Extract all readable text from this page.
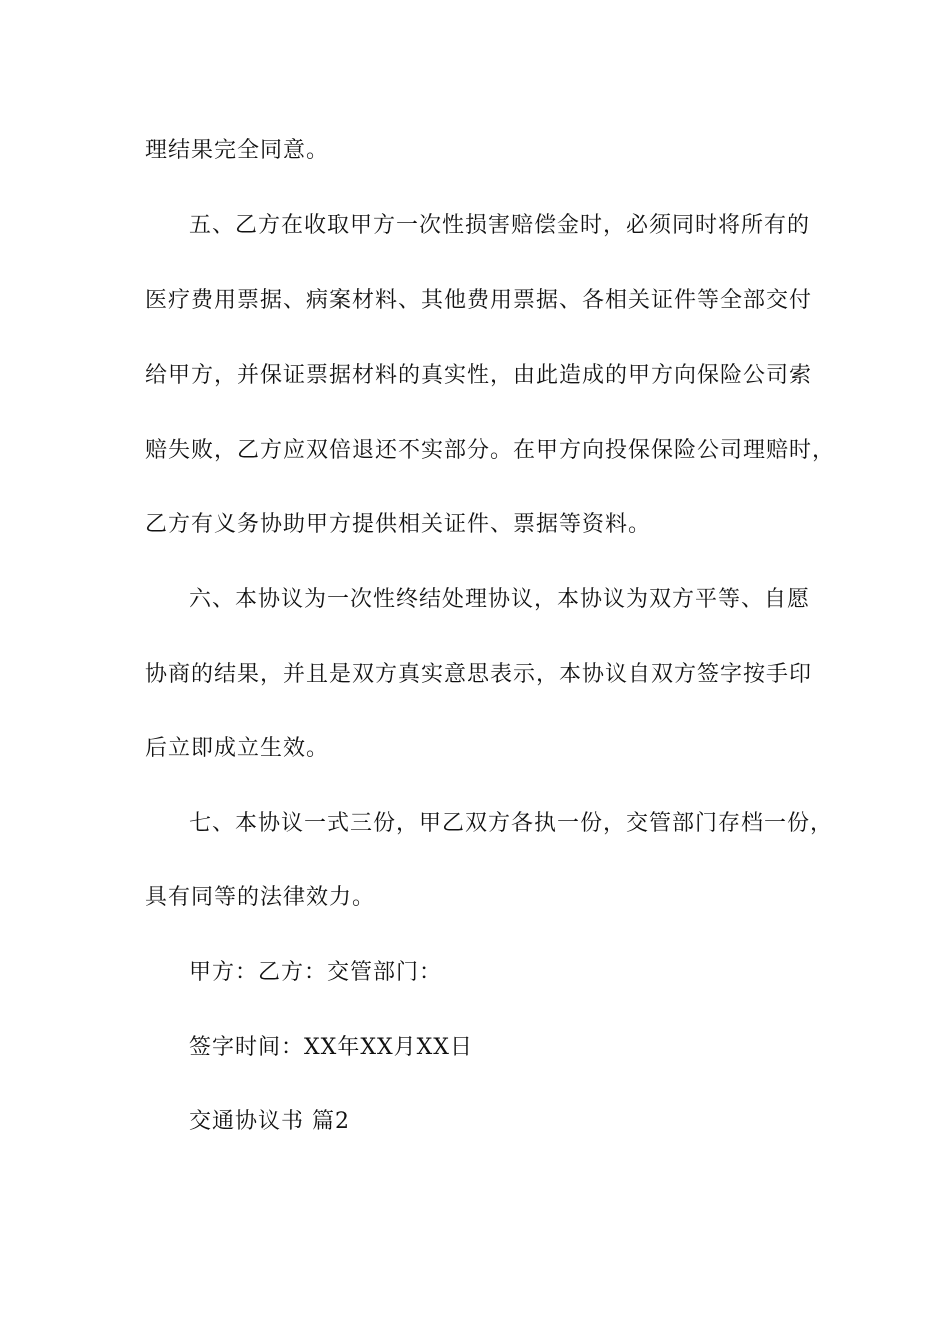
理结果完全同意。
五、乙方在收取甲方一次性损害赔偿金时，必须同时将所有的
医疗费用票据、病案材料、其他费用票据、各相关证件等全部交付
给甲方，并保证票据材料的真实性，由此造成的甲方向保险公司索
赔失败，乙方应双倍退还不实部分。在甲方向投保保险公司理赔时，
乙方有义务协助甲方提供相关证件、票据等资料。
六、本协议为一次性终结处理协议，本协议为双方平等、自愿
协商的结果，并且是双方真实意思表示，本协议自双方签字按手印
后立即成立生效。
七、本协议一式三份，甲乙双方各执一份，交管部门存档一份，
具有同等的法律效力。
甲方：乙方：交管部门：
签字时间：XX年XX月XX日
交通协议书 篇2
